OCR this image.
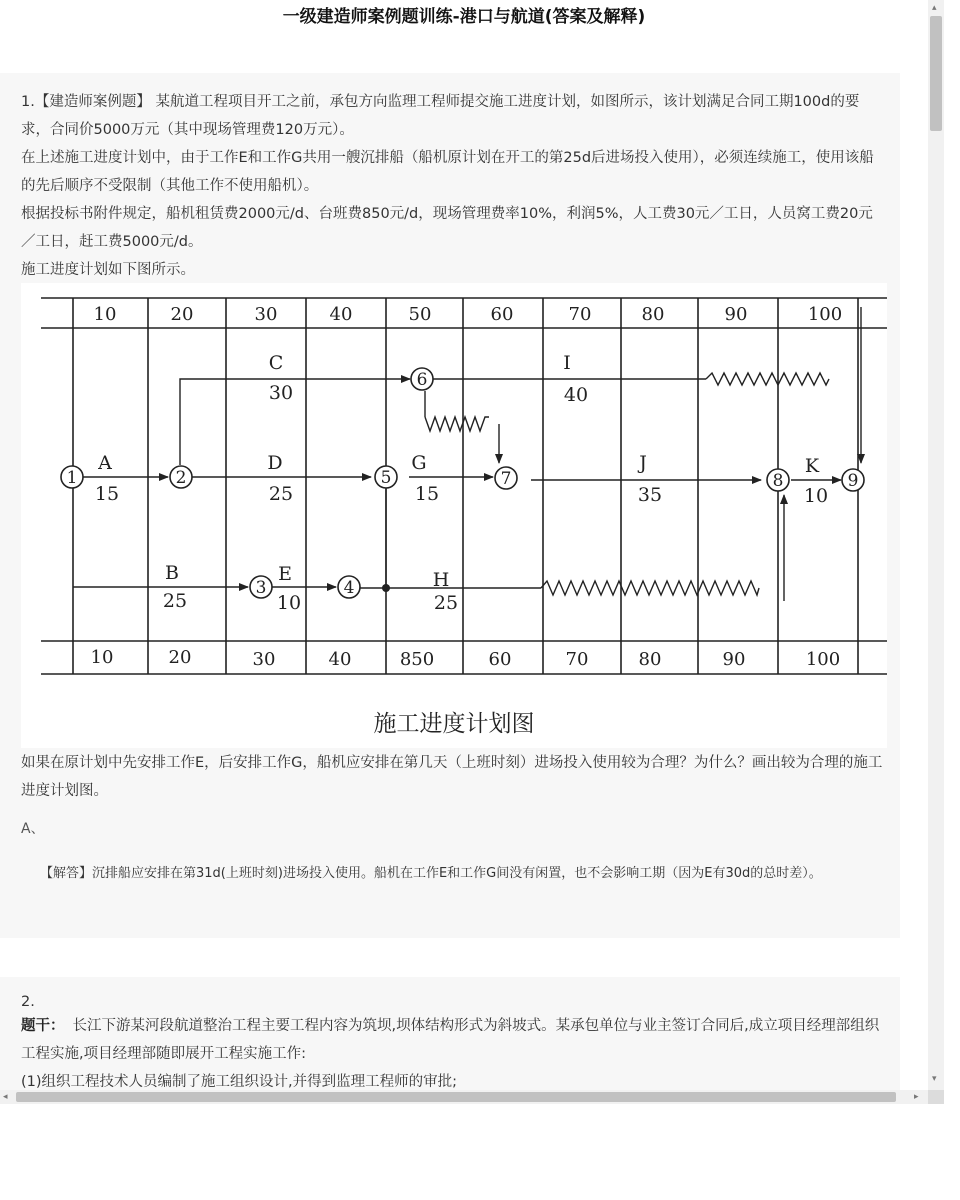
一级建造师案例题训练-港口与航道(答案及解释)

1.【建造师案例题】 某航道工程项目开工之前，承包方向监理工程师提交施工进度计划，如图所示，该计划满足合同工期100d的要求，合同价5000万元（其中现场管理费120万元）。

在上述施工进度计划中，由于工作E和工作G共用一艘沉排船（船机原计划在开工的第25d后进场投入使用），必须连续施工，使用该船的先后顺序不受限制（其他工作不使用船机）。

根据投标书附件规定，船机租赁费2000元/d、台班费850元/d，现场管理费率10%，利润5%，人工费30元／工日，人员窝工费20元／工日，赶工费5000元/d。

施工进度计划如下图所示。

1	2
3	4
5
6
7	8	9
A
15
B
25
C
30
D
25
E
10
G
15
H
25
I
40
J
35
K
10
10	20	30	40	50	60	70	80	90	100
10	20	30	40	850	60	70	80	90	100
施工进度计划图

如果在原计划中先安排工作E，后安排工作G，船机应安排在第几天（上班时刻）进场投入使用较为合理？为什么？画出较为合理的施工进度计划图。

A、
【解答】沉排船应安排在第31d(上班时刻)进场投入使用。船机在工作E和工作G间没有闲置，也不会影响工期（因为E有30d的总时差）。

2.

题干： 长江下游某河段航道整治工程主要工程内容为筑坝,坝体结构形式为斜坡式。某承包单位与业主签订合同后,成立项目经理部组织工程实施,项目经理部随即展开工程实施工作:

(1)组织工程技术人员编制了施工组织设计,并得到监理工程师的审批;

▴
▾
◂	▸
